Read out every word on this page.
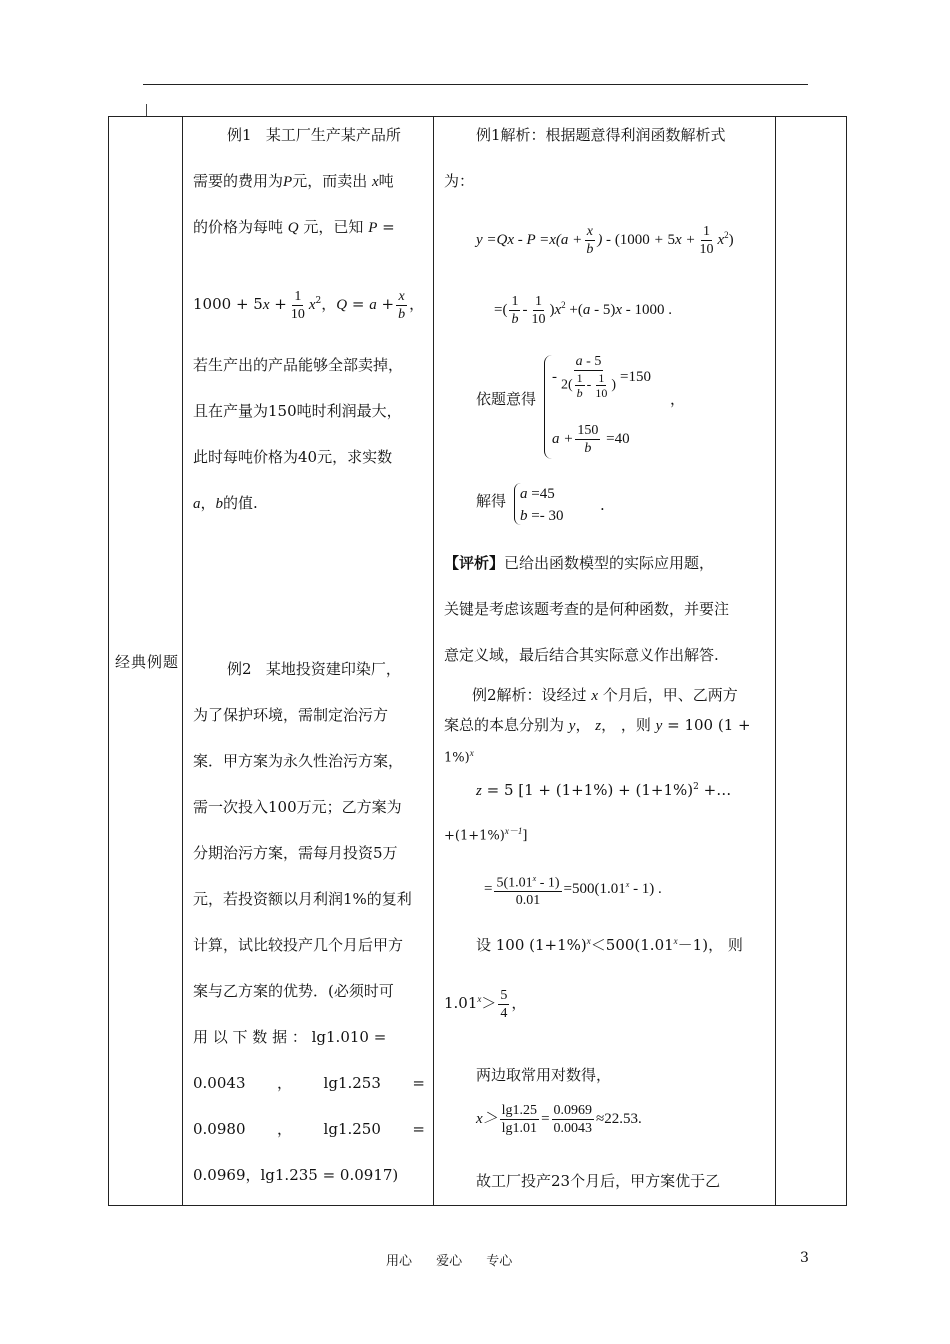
经典例题

例1 某工厂生产某产品所
需要的费用为P元，而卖出 x吨
的价格为每吨 Q 元，已知 P =
$1000 + 5x + \frac{1}{10} x^2$，$Q = a + \frac{x}{b}$ ，
若生产出的产品能够全部卖掉，
且在产量为150吨时利润最大，
此时每吨价格为40元，求实数
a，b的值.
例2 某地投资建印染厂，
为了保护环境，需制定治污方
案．甲方案为永久性治污方案，
需一次投入100万元；乙方案为
分期治污方案，需每月投资5万
元，若投资额以月利润1%的复利
计算，试比较投产几个月后甲方
案与乙方案的优势．(必须时可
用 以 下 数 据 ： lg1.010 =
0.0043 ， lg1.253 =
0.0980 ， lg1.250 =
0.0969，lg1.235 = 0.0917)

例1解析：根据题意得利润函数解析式
为：
$y =Qx - P =x(a + \frac{x}{b}$ ) - $(1000 + 5x + \frac{1}{10} x^2)$
=( $\frac{1}{b} - \frac{1}{10} )x^2 +(a - 5)x - 1000$ .
依题意得
- $\frac{a - 5}{2( \frac{1}{b} - \frac{1}{10} )} =150$
，
$a + \frac{150}{b} =40$
解得 a =45
b =- 30
.
【评析】已给出函数模型的实际应用题，
关键是考虑该题考查的是何种函数，并要注
意定义域，最后结合其实际意义作出解答.
例2解析：设经过 x 个月后，甲、乙两方
案总的本息分别为 y， z， ，则 y = 100 (1 +
1%)$^x$
z = 5 [$1 + (1+1\%) + (1+1\%)^2$ +…
$+(1+1\%)^{x-1}$]
= $\frac{5(1.01^x - 1)}{0.01} =500(1.01^x - 1)$ .
设 100 $(1+1\%)^x<500(1.01^x-1)$， 则
$1.01^x> \frac{5}{4}$ ，
两边取常用对数得，
$x> \frac{\lg 1.25}{\lg 1.01} = \frac{0.0969}{0.0043} \approx 22.53$.
故工厂投产23个月后，甲方案优于乙

用心 爱心 专心	3
